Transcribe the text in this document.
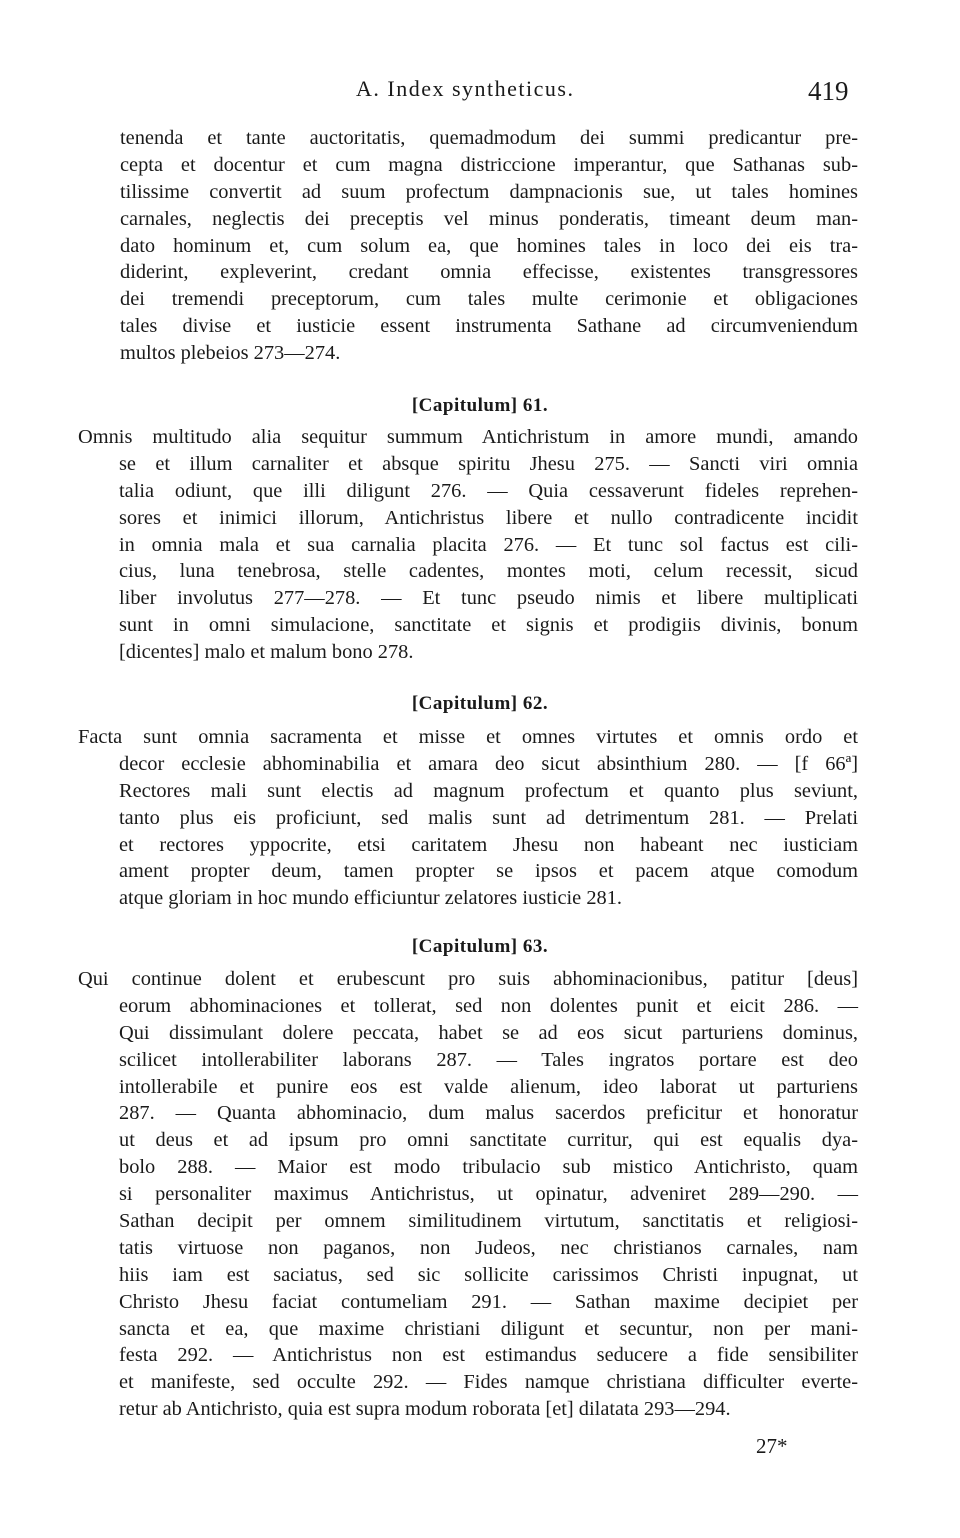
A. Index syntheticus.	419
tenenda et tante auctoritatis, quemadmodum dei summi predicantur pre-
cepta et docentur et cum magna districcione imperantur, que Sathanas sub-
tilissime convertit ad suum profectum dampnacionis sue, ut tales homines
carnales, neglectis dei preceptis vel minus ponderatis, timeant deum man-
dato hominum et, cum solum ea, que homines tales in loco dei eis tra-
diderint, expleverint, credant omnia effecisse, existentes transgressores
dei tremendi preceptorum, cum tales multe cerimonie et obligaciones
tales divise et iusticie essent instrumenta Sathane ad circumveniendum
multos plebeios 273—274.
[Capitulum] 61.
Omnis multitudo alia sequitur summum Antichristum in amore mundi, amando
se et illum carnaliter et absque spiritu Jhesu 275. — Sancti viri omnia
talia odiunt, que illi diligunt 276. — Quia cessaverunt fideles reprehen-
sores et inimici illorum, Antichristus libere et nullo contradicente incidit
in omnia mala et sua carnalia placita 276. — Et tunc sol factus est cili-
cius, luna tenebrosa, stelle cadentes, montes moti, celum recessit, sicud
liber involutus 277—278. — Et tunc pseudo nimis et libere multiplicati
sunt in omni simulacione, sanctitate et signis et prodigiis divinis, bonum
[dicentes] malo et malum bono 278.
[Capitulum] 62.
Facta sunt omnia sacramenta et misse et omnes virtutes et omnis ordo et
decor ecclesie abhominabilia et amara deo sicut absinthium 280. — [f 66ª]
Rectores mali sunt electis ad magnum profectum et quanto plus seviunt,
tanto plus eis proficiunt, sed malis sunt ad detrimentum 281. — Prelati
et rectores yppocrite, etsi caritatem Jhesu non habeant nec iusticiam
ament propter deum, tamen propter se ipsos et pacem atque comodum
atque gloriam in hoc mundo efficiuntur zelatores iusticie 281.
[Capitulum] 63.
Qui continue dolent et erubescunt pro suis abhominacionibus, patitur [deus]
eorum abhominaciones et tollerat, sed non dolentes punit et eicit 286. —
Qui dissimulant dolere peccata, habet se ad eos sicut parturiens dominus,
scilicet intollerabiliter laborans 287. — Tales ingratos portare est deo
intollerabile et punire eos est valde alienum, ideo laborat ut parturiens
287. — Quanta abhominacio, dum malus sacerdos preficitur et honoratur
ut deus et ad ipsum pro omni sanctitate curritur, qui est equalis dya-
bolo 288. — Maior est modo tribulacio sub mistico Antichristo, quam
si personaliter maximus Antichristus, ut opinatur, adveniret 289—290. —
Sathan decipit per omnem similitudinem virtutum, sanctitatis et religiosi-
tatis virtuose non paganos, non Judeos, nec christianos carnales, nam
hiis iam est saciatus, sed sic sollicite carissimos Christi inpugnat, ut
Christo Jhesu faciat contumeliam 291. — Sathan maxime decipiet per
sancta et ea, que maxime christiani diligunt et secuntur, non per mani-
festa 292. — Antichristus non est estimandus seducere a fide sensibiliter
et manifeste, sed occulte 292. — Fides namque christiana difficulter everte-
retur ab Antichristo, quia est supra modum roborata [et] dilatata 293—294.
27*
